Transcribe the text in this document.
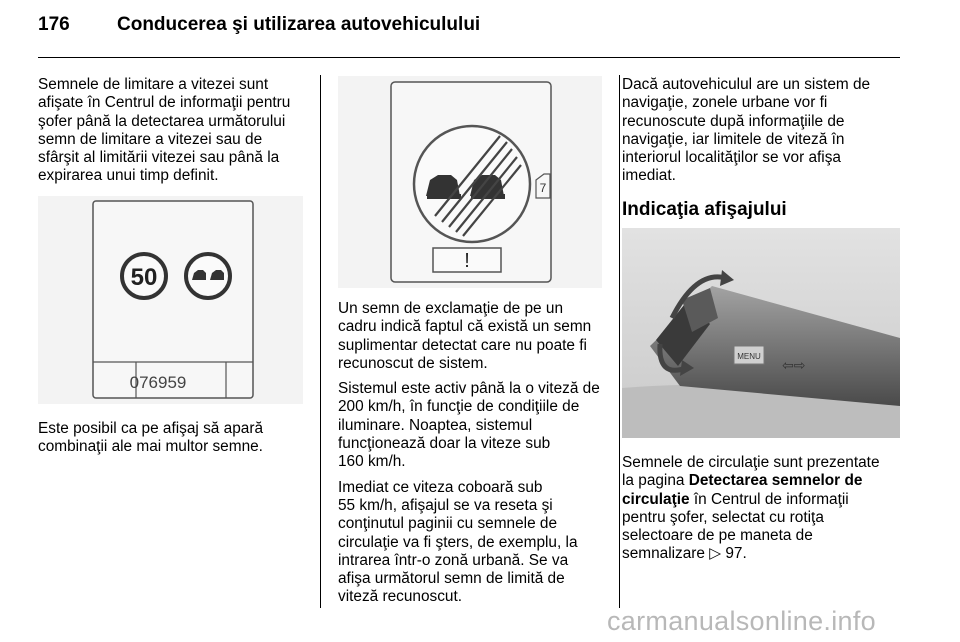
176 Conducerea şi utilizarea autovehiculului

Semnele de limitare a vitezei sunt

afişate în Centrul de informaţii pentru

şofer până la detectarea următorului

semn de limitare a vitezei sau de

sfârşit al limitării vitezei sau până la

expirarea unui timp definit.

50
076959

Este posibil ca pe afişaj să apară

combinaţii ale mai multor semne.

!
7

Un semn de exclamaţie de pe un

cadru indică faptul că există un semn

suplimentar detectat care nu poate fi

recunoscut de sistem.

Sistemul este activ până la o viteză de

200 km/h, în funcţie de condiţiile de

iluminare. Noaptea, sistemul

funcţionează doar la viteze sub

160 km/h.

Imediat ce viteza coboară sub

55 km/h, afişajul se va reseta şi

conţinutul paginii cu semnele de

circulaţie va fi şters, de exemplu, la

intrarea într-o zonă urbană. Se va

afişa următorul semn de limită de

viteză recunoscut.

Dacă autovehiculul are un sistem de

navigaţie, zonele urbane vor fi

recunoscute după informaţiile de

navigaţie, iar limitele de viteză în

interiorul localităţilor se vor afişa

imediat.

Indicaţia afişajului
MENU
⇦⇨

Semnele de circulaţie sunt prezentate

la pagina Detectarea semnelor de

circulaţie în Centrul de informaţii

pentru şofer, selectat cu rotiţa

selectoare de pe maneta de

semnalizare ▷ 97.

carmanualsonline.info
